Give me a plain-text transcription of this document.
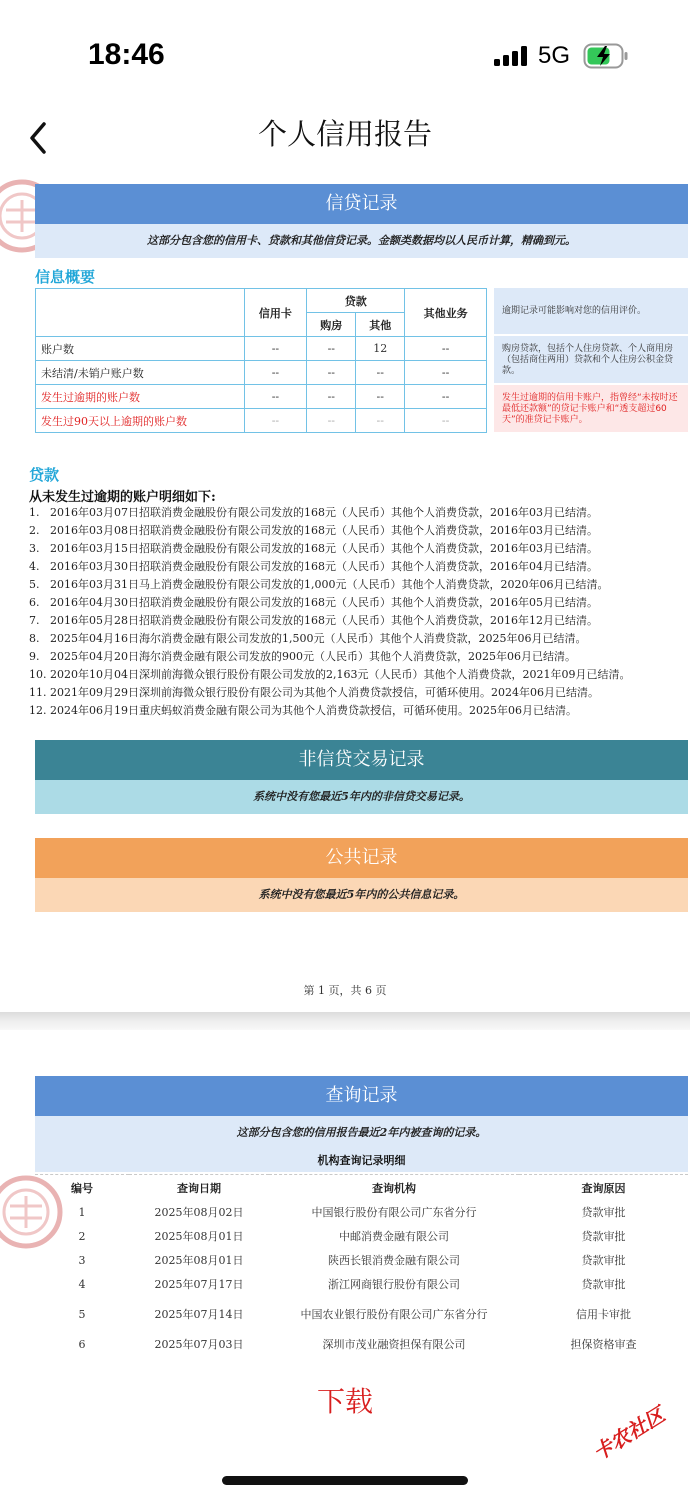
18:46	5G
个人信用报告
信贷记录
这部分包含您的信用卡、贷款和其他信贷记录。金额类数据均以人民币计算，精确到元。
信息概要
	信用卡	贷款		其他业务
		购房	其他	
账户数	--	--	12	--
未结清/未销户账户数	--	--	--	--
发生过逾期的账户数	--	--	--	--
发生过90天以上逾期的账户数	--	--	--	--
逾期记录可能影响对您的信用评价。
购房贷款，包括个人住房贷款、个人商用房（包括商住两用）贷款和个人住房公积金贷款。
发生过逾期的信用卡账户，指曾经“未按时还最低还款额”的贷记卡账户和“透支超过60天”的准贷记卡账户。
贷款
从未发生过逾期的账户明细如下:
1.   2016年03月07日招联消费金融股份有限公司发放的168元（人民币）其他个人消费贷款，2016年03月已结清。
2.   2016年03月08日招联消费金融股份有限公司发放的168元（人民币）其他个人消费贷款，2016年03月已结清。
3.   2016年03月15日招联消费金融股份有限公司发放的168元（人民币）其他个人消费贷款，2016年03月已结清。
4.   2016年03月30日招联消费金融股份有限公司发放的168元（人民币）其他个人消费贷款，2016年04月已结清。
5.   2016年03月31日马上消费金融股份有限公司发放的1,000元（人民币）其他个人消费贷款，2020年06月已结清。
6.   2016年04月30日招联消费金融股份有限公司发放的168元（人民币）其他个人消费贷款，2016年05月已结清。
7.   2016年05月28日招联消费金融股份有限公司发放的168元（人民币）其他个人消费贷款，2016年12月已结清。
8.   2025年04月16日海尔消费金融有限公司发放的1,500元（人民币）其他个人消费贷款，2025年06月已结清。
9.   2025年04月20日海尔消费金融有限公司发放的900元（人民币）其他个人消费贷款，2025年06月已结清。
10. 2020年10月04日深圳前海微众银行股份有限公司发放的2,163元（人民币）其他个人消费贷款，2021年09月已结清。
11. 2021年09月29日深圳前海微众银行股份有限公司为其他个人消费贷款授信，可循环使用。2024年06月已结清。
12. 2024年06月19日重庆蚂蚁消费金融有限公司为其他个人消费贷款授信，可循环使用。2025年06月已结清。
非信贷交易记录
系统中没有您最近5年内的非信贷交易记录。
公共记录
系统中没有您最近5年内的公共信息记录。
第 1 页，共 6 页
查询记录
这部分包含您的信用报告最近2年内被查询的记录。
机构查询记录明细
编号	查询日期	查询机构	查询原因
1	2025年08月02日	中国银行股份有限公司广东省分行	贷款审批
2	2025年08月01日	中邮消费金融有限公司	贷款审批
3	2025年08月01日	陕西长银消费金融有限公司	贷款审批
4	2025年07月17日	浙江网商银行股份有限公司	贷款审批
5	2025年07月14日	中国农业银行股份有限公司广东省分行	信用卡审批
6	2025年07月03日	深圳市茂业融资担保有限公司	担保资格审查
下载
卡农社区
